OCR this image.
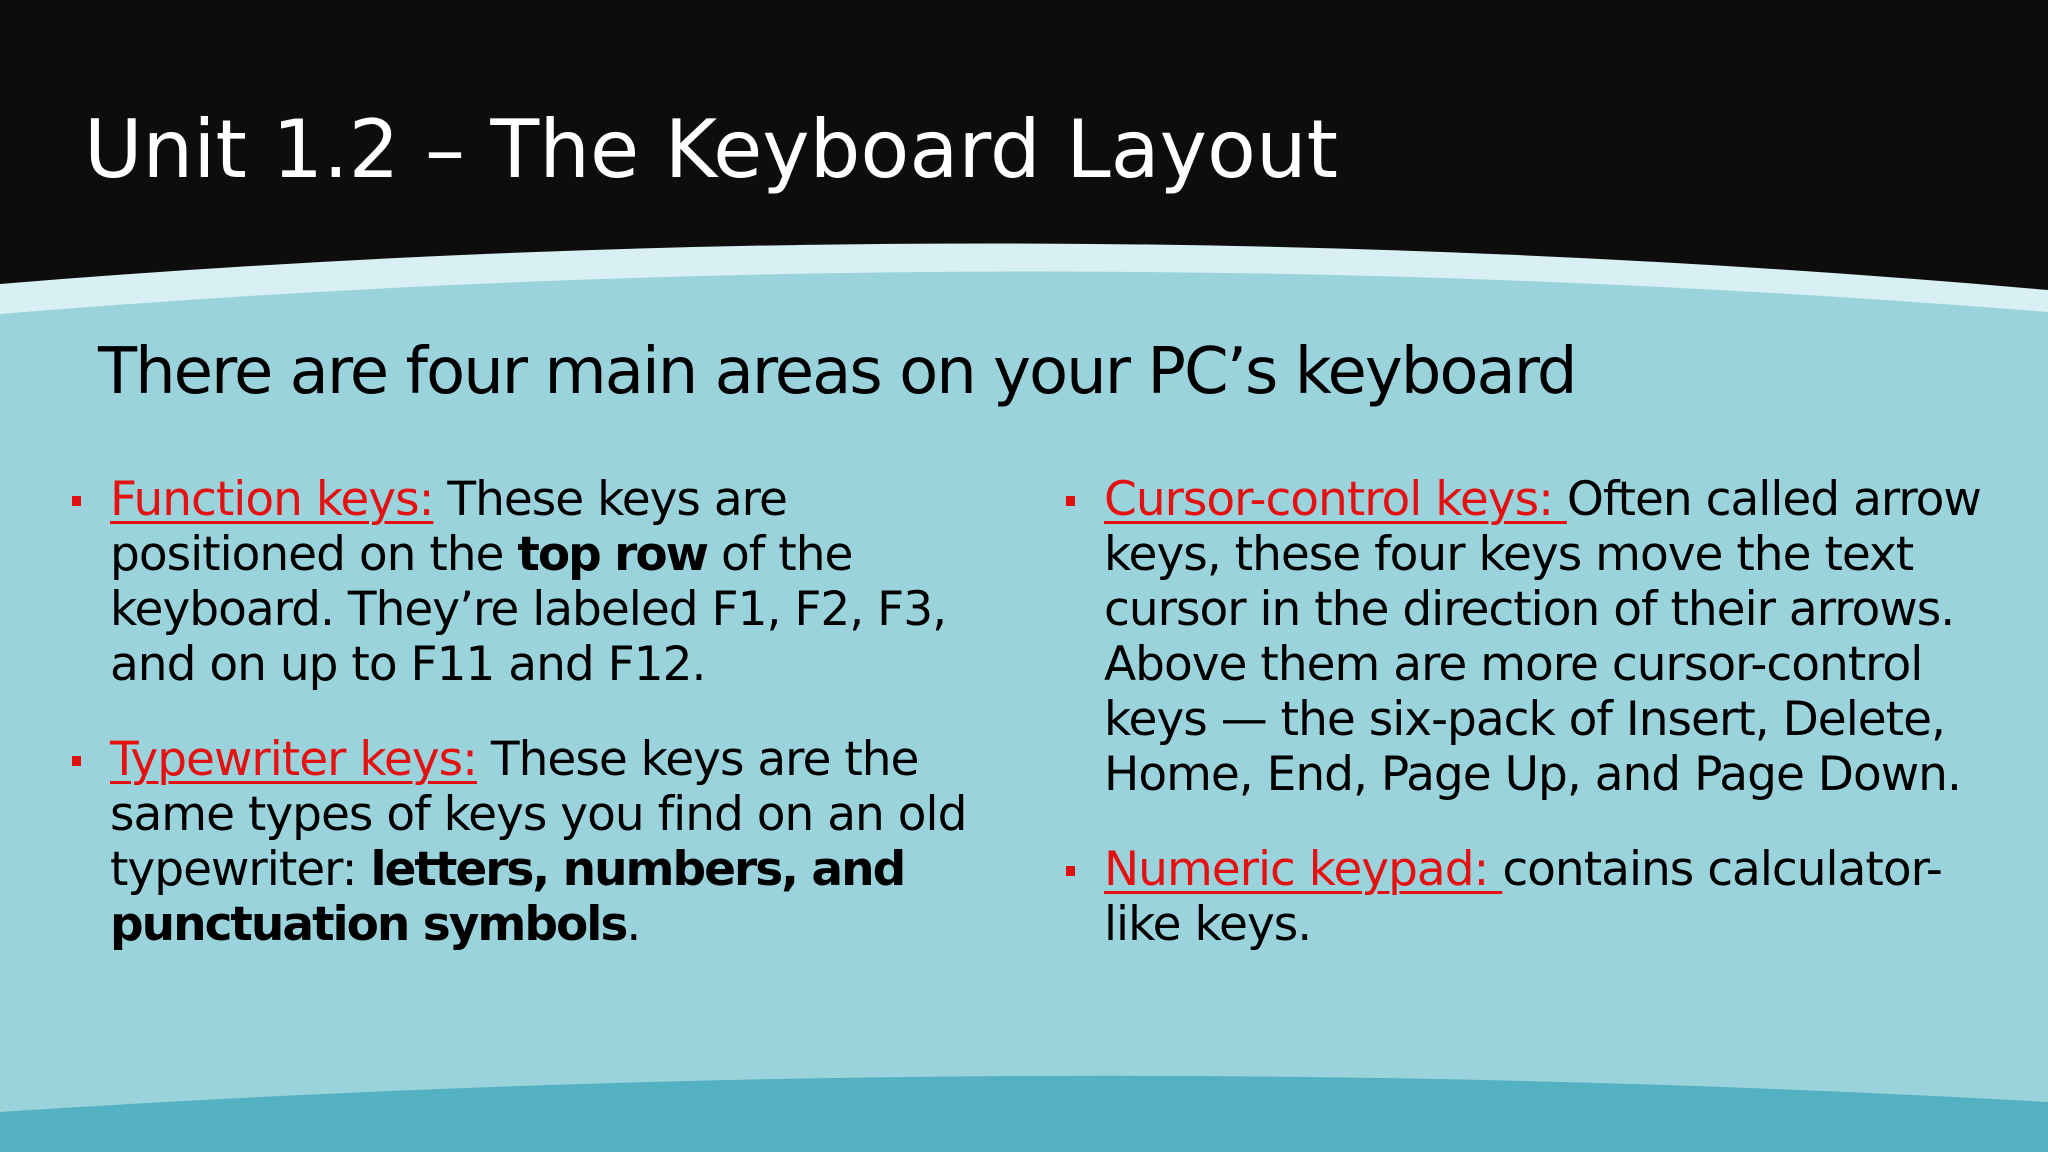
Unit 1.2 – The Keyboard Layout
There are four main areas on your PC’s keyboard
Function keys: These keys are positioned on the top row of the keyboard. They’re labeled F1, F2, F3, and on up to F11 and F12.
Typewriter keys: These keys are the same types of keys you find on an old typewriter: letters, numbers, and punctuation symbols.
Cursor-control keys: Often called arrow keys, these four keys move the text cursor in the direction of their arrows. Above them are more cursor-control keys — the six-pack of Insert, Delete, Home, End, Page Up, and Page Down.
Numeric keypad: contains calculator-like keys.
